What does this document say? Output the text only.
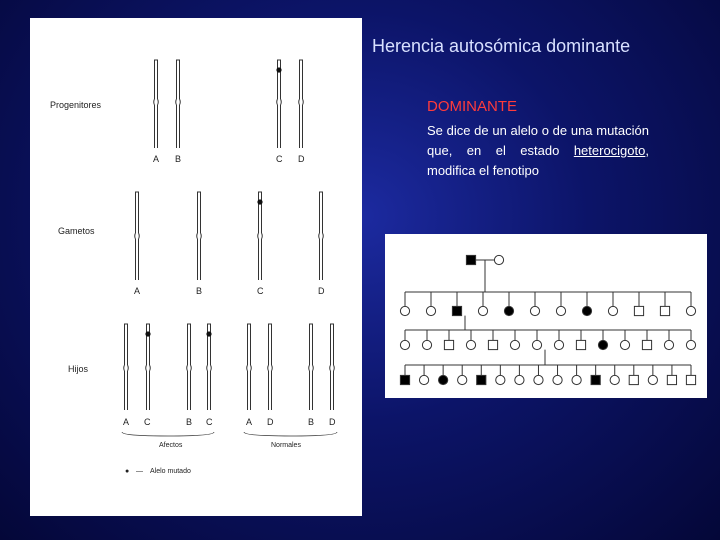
Herencia autosómica dominante
Progenitores
Gametos
Hijos
A B	C D
A	B	C	D
A C	B C	A D	B D
Afectos	Normales
● — Alelo mutado
DOMINANTE
Se dice de un alelo o de una mutación que, en el estado heterocigoto, modifica el fenotipo
